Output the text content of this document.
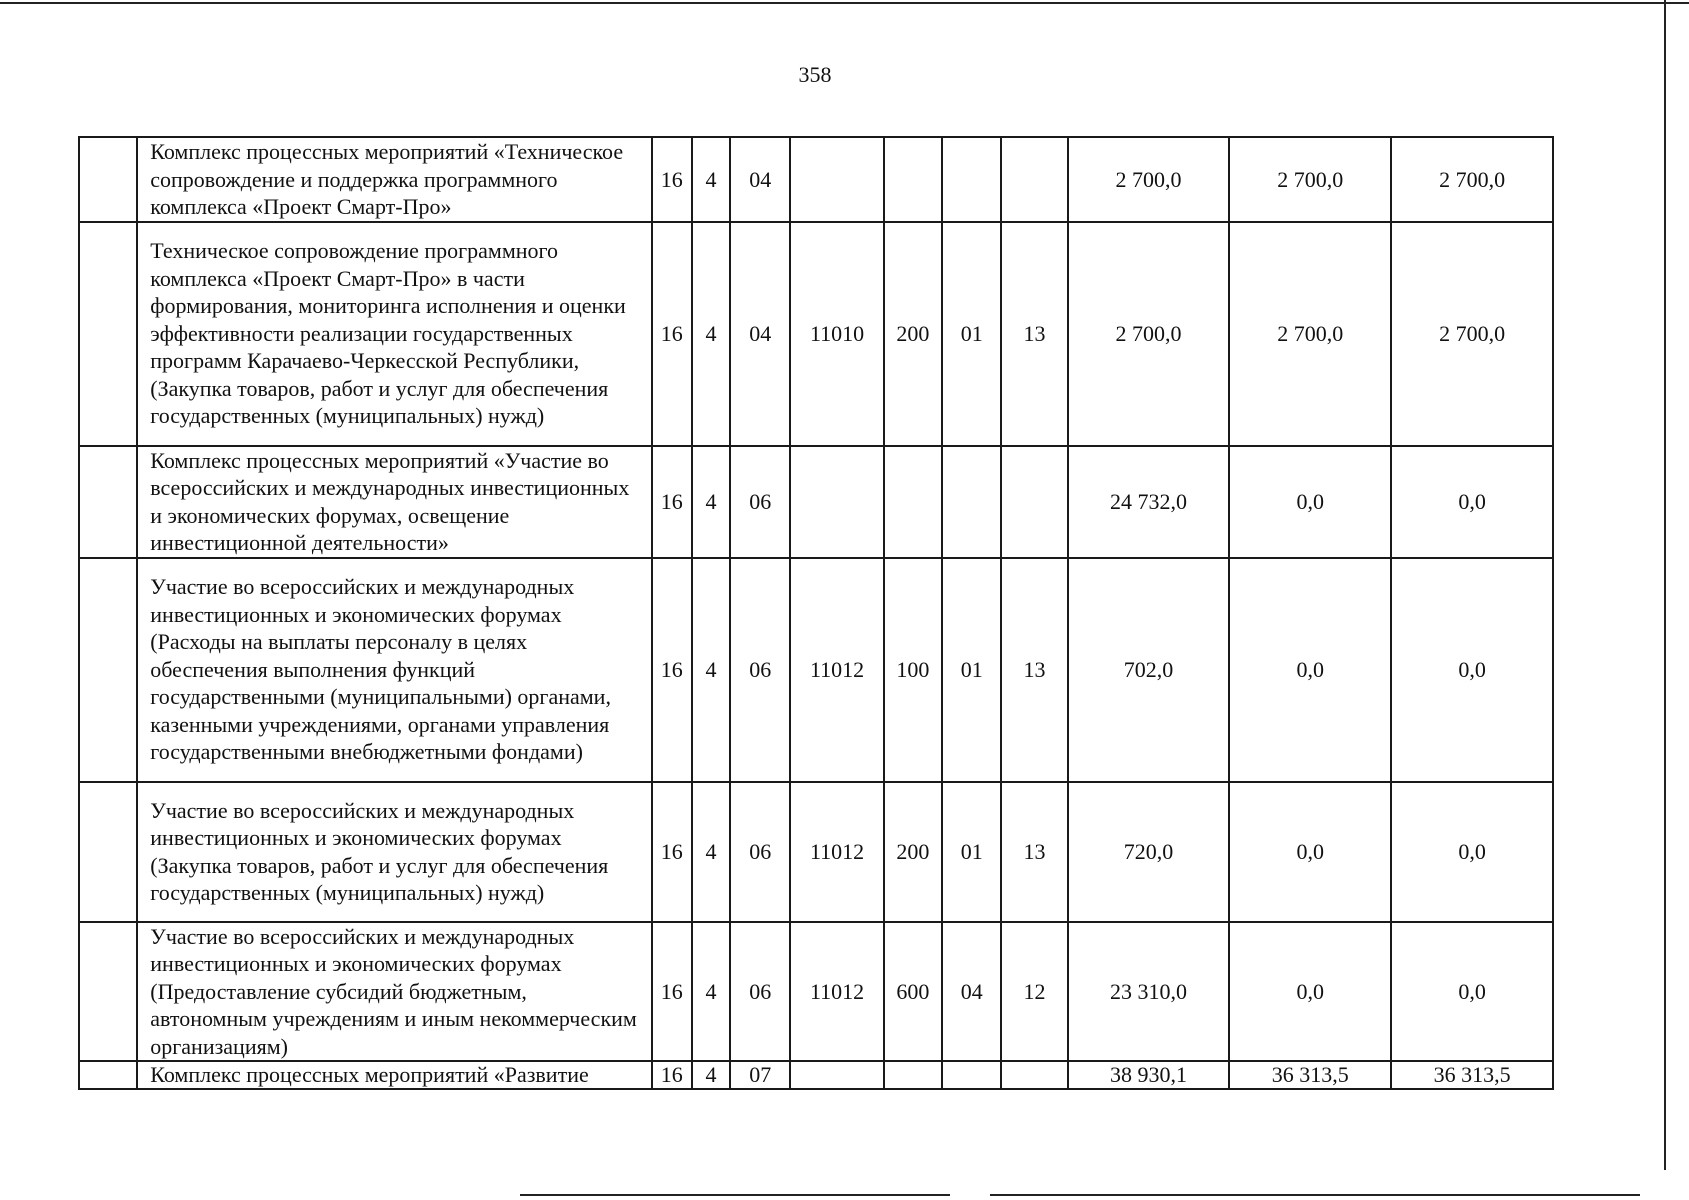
358
	Комплекс процессных мероприятий «Техническое сопровождение и поддержка программного комплекса «Проект Смарт-Про»	16	4	04					2 700,0	2 700,0	2 700,0
	Техническое сопровождение программного комплекса «Проект Смарт-Про» в части формирования, мониторинга исполнения и оценки эффективности реализации государственных программ Карачаево-Черкесской Республики, (Закупка товаров, работ и услуг для обеспечения государственных (муниципальных) нужд)	16	4	04	11010	200	01	13	2 700,0	2 700,0	2 700,0
	Комплекс процессных мероприятий «Участие во всероссийских и международных инвестиционных и экономических форумах, освещение инвестиционной деятельности»	16	4	06					24 732,0	0,0	0,0
	Участие во всероссийских и международных инвестиционных и экономических форумах (Расходы на выплаты персоналу в целях обеспечения выполнения функций государственными (муниципальными) органами, казенными учреждениями, органами управления государственными внебюджетными фондами)	16	4	06	11012	100	01	13	702,0	0,0	0,0
	Участие во всероссийских и международных инвестиционных и экономических форумах (Закупка товаров, работ и услуг для обеспечения государственных (муниципальных) нужд)	16	4	06	11012	200	01	13	720,0	0,0	0,0
	Участие во всероссийских и международных инвестиционных и экономических форумах (Предоставление субсидий бюджетным, автономным учреждениям и иным некоммерческим организациям)	16	4	06	11012	600	04	12	23 310,0	0,0	0,0
	Комплекс процессных мероприятий «Развитие	16	4	07					38 930,1	36 313,5	36 313,5
